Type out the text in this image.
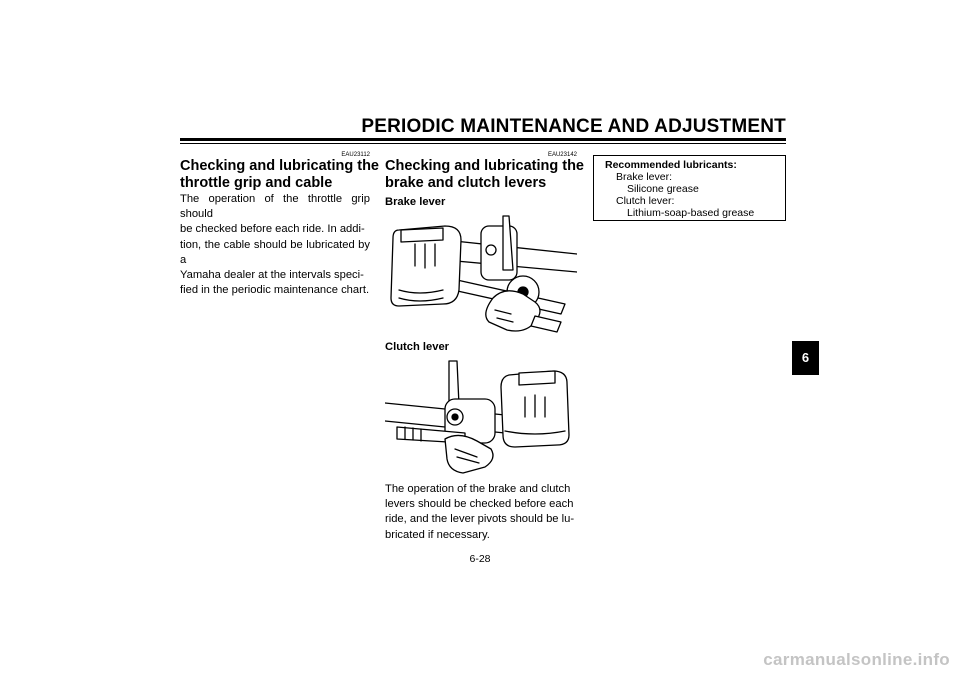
PERIODIC MAINTENANCE AND ADJUSTMENT
EAU23112
Checking and lubricating the
throttle grip and cable
The operation of the throttle grip should
be checked before each ride. In addi-
tion, the cable should be lubricated by a
Yamaha dealer at the intervals speci-
fied in the periodic maintenance chart.
EAU23142
Checking and lubricating the
brake and clutch levers
Brake lever
Clutch lever
The operation of the brake and clutch
levers should be checked before each
ride, and the lever pivots should be lu-
bricated if necessary.
Recommended lubricants:
Brake lever:
Silicone grease
Clutch lever:
Lithium-soap-based grease
6
6-28
carmanualsonline.info
